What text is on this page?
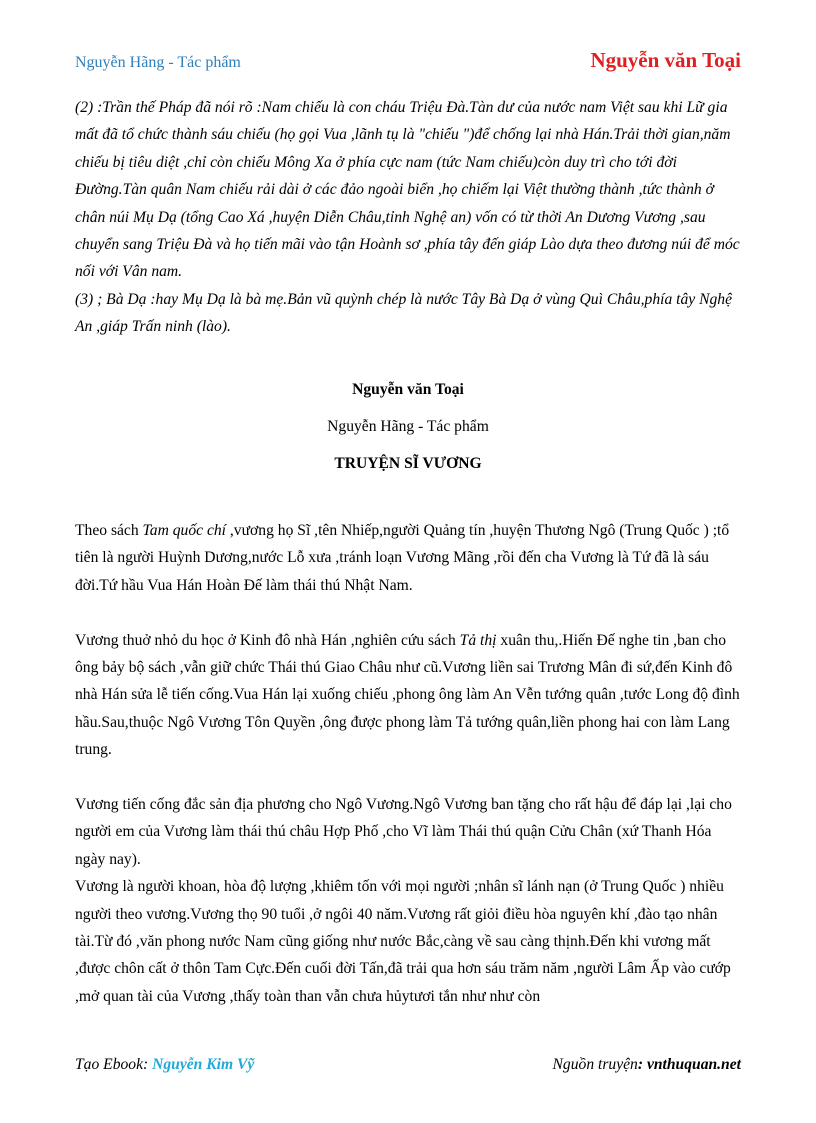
Nguyễn Hãng - Tác phẩm	Nguyễn văn Toại

(2) :Trần thế Pháp đã nói rõ :Nam chiếu là con cháu Triệu Đà.Tàn dư của nước nam Việt sau khi Lữ gia mất đã tổ chức thành sáu chiếu (họ gọi Vua ,lãnh tụ là "chiếu ")để chống lại nhà Hán.Trải thời gian,năm chiếu bị tiêu diệt ,chỉ còn chiếu Mông Xa ở phía cực nam (tức Nam chiếu)còn duy trì cho tới đời Đường.Tàn quân Nam chiếu rải dài ở các đảo ngoài biển ,họ chiếm lại Việt thường thành ,tức thành ở chân núi Mụ Dạ (tổng Cao Xá ,huyện Diễn Châu,tỉnh Nghệ an) vốn có từ thời An Dương Vương ,sau chuyển sang Triệu Đà và họ tiến mãi vào tận Hoành sơ ,phía tây đến giáp Lào dựa theo đương núi để móc nối với Vân nam.

(3) ; Bà Dạ :hay Mụ Dạ là bà mẹ.Bản vũ quỳnh chép là nước Tây Bà Dạ ở vùng Quì Châu,phía tây Nghệ An ,giáp Trấn ninh (lào).

Nguyễn văn Toại
Nguyễn Hãng - Tác phẩm
TRUYỆN SĨ VƯƠNG

Theo sách Tam quốc chí ,vương họ Sĩ ,tên Nhiếp,người Quảng tín ,huyện Thương Ngô (Trung Quốc ) ;tổ tiên là người Huỳnh Dương,nước Lỗ xưa ,tránh loạn Vương Mãng ,rồi đến cha Vương là Tứ đã là sáu đời.Tứ hầu Vua Hán Hoàn Đế làm thái thú Nhật Nam.

Vương thuở nhỏ du học ở Kinh đô nhà Hán ,nghiên cứu sách Tả thị xuân thu,.Hiến Đế nghe tin ,ban cho ông bảy bộ sách ,vẫn giữ chức Thái thú Giao Châu như cũ.Vương liền sai Trương Mân đi sứ,đến Kinh đô nhà Hán sửa lễ tiến cống.Vua Hán lại xuống chiếu ,phong ông làm An Vễn tướng quân ,tước Long độ đình hầu.Sau,thuộc Ngô Vương Tôn Quyền ,ông được phong làm Tả tướng quân,liền phong hai con làm Lang trung.

Vương tiến cống đắc sản địa phương cho Ngô Vương.Ngô Vương ban tặng cho rất hậu để đáp lại ,lại cho người em của Vương làm thái thú châu Hợp Phố ,cho Vĩ làm Thái thú quận Cửu Chân (xứ Thanh Hóa ngày nay).

Vương là người khoan, hòa độ lượng ,khiêm tốn với mọi người ;nhân sĩ lánh nạn (ở Trung Quốc ) nhiều người theo vương.Vương thọ 90 tuổi ,ở ngôi 40 năm.Vương rất giỏi điều hòa nguyên khí ,đào tạo nhân tài.Từ đó ,văn phong nước Nam cũng giống như nước Bắc,càng về sau càng thịnh.Đến khi vương mất ,được chôn cất ở thôn Tam Cực.Đến cuối đời Tấn,đã trải qua hơn sáu trăm năm ,người Lâm Ấp vào cướp ,mở quan tài của Vương ,thấy toàn than vẫn chưa hủytươi tắn như như còn

Tạo Ebook: Nguyễn Kim Vỹ	Nguồn truyện: vnthuquan.net
